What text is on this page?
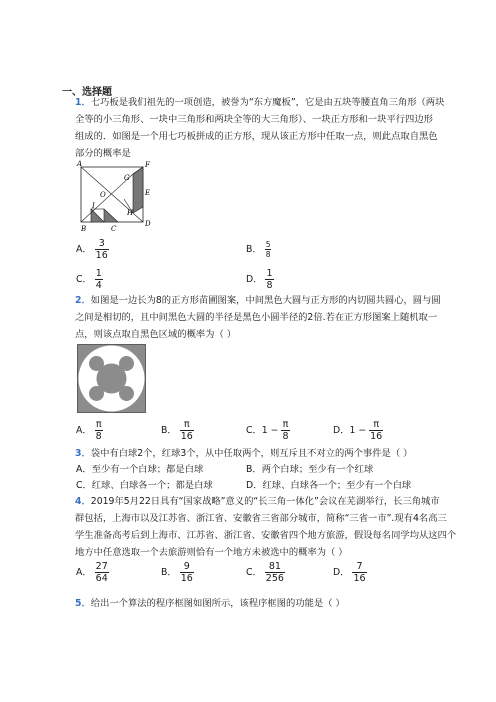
一、选择题
1．七巧板是我们祖先的一项创造，被誉为“东方魔板”，它是由五块等腰直角三角形（两块
全等的小三角形、一块中三角形和两块全等的大三角形）、一块正方形和一块平行四边形
组成的．如图是一个用七巧板拼成的正方形，现从该正方形中任取一点，则此点取自黑色
部分的概率是
A	F
G
O	E
I
H
B	C
D
A． $\frac{3}{16}$	B． $\frac{5}{8}$
C． $\frac{1}{4}$	D． $\frac{1}{8}$
2．如图是一边长为8的正方形苗圃图案，中间黑色大圆与正方形的内切圆共圆心，圆与圆
之间是相切的，且中间黑色大圆的半径是黑色小圆半径的2倍.若在正方形图案上随机取一
点，则该点取自黑色区域的概率为（ ）
A． $\frac{\pi}{8}$	B． $\frac{\pi}{16}$	C．$1 - \frac{\pi}{8}$	D．$1 - \frac{\pi}{16}$
3．袋中有白球2个，红球3个，从中任取两个，则互斥且不对立的两个事件是（ ）
A．至少有一个白球；都是白球	B．两个白球；至少有一个红球
C．红球、白球各一个；都是白球	D．红球、白球各一个；至少有一个白球
4．2019年5月22日具有“国家战略”意义的“长三角一体化”会议在芜湖举行，长三角城市
群包括，上海市以及江苏省、浙江省、安徽省三省部分城市，简称“三省一市”.现有4名高三
学生准备高考后到上海市、江苏省、浙江省、安徽省四个地方旅游，假设每名同学均从这四个
地方中任意选取一个去旅游则恰有一个地方未被选中的概率为（ ）
A． $\frac{27}{64}$	B． $\frac{9}{16}$	C． $\frac{81}{256}$	D． $\frac{7}{16}$
5．给出一个算法的程序框图如图所示，该程序框图的功能是（ ）
